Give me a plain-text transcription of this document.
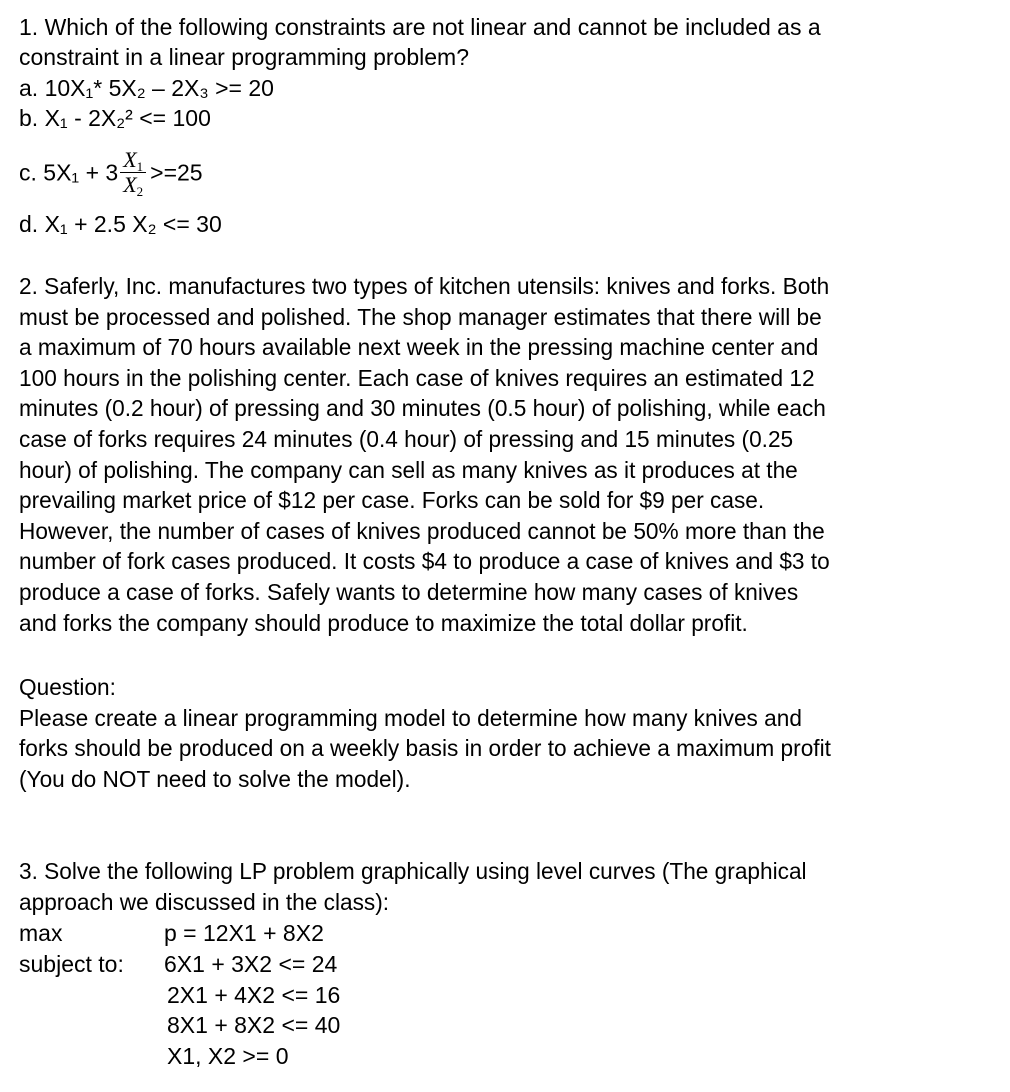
1. Which of the following constraints are not linear and cannot be included as a
constraint in a linear programming problem?
a. 10X₁* 5X₂ – 2X₃ >= 20
b. X₁ - 2X₂² <= 100
c. $5X_1 + 3 \frac{X_1}{X_2} >=25$
d. X₁ + 2.5 X₂ <= 30
2. Saferly, Inc. manufactures two types of kitchen utensils: knives and forks. Both
must be processed and polished. The shop manager estimates that there will be
a maximum of 70 hours available next week in the pressing machine center and
100 hours in the polishing center. Each case of knives requires an estimated 12
minutes (0.2 hour) of pressing and 30 minutes (0.5 hour) of polishing, while each
case of forks requires 24 minutes (0.4 hour) of pressing and 15 minutes (0.25
hour) of polishing. The company can sell as many knives as it produces at the
prevailing market price of $12 per case. Forks can be sold for $9 per case.
However, the number of cases of knives produced cannot be 50% more than the
number of fork cases produced. It costs $4 to produce a case of knives and $3 to
produce a case of forks. Safely wants to determine how many cases of knives
and forks the company should produce to maximize the total dollar profit.
Question:
Please create a linear programming model to determine how many knives and
forks should be produced on a weekly basis in order to achieve a maximum profit
(You do NOT need to solve the model).
3. Solve the following LP problem graphically using level curves (The graphical
approach we discussed in the class):
max	p = 12X1 + 8X2
subject to: 6X1 + 3X2 <= 24
2X1 + 4X2 <= 16
8X1 + 8X2 <= 40
X1, X2 >= 0
